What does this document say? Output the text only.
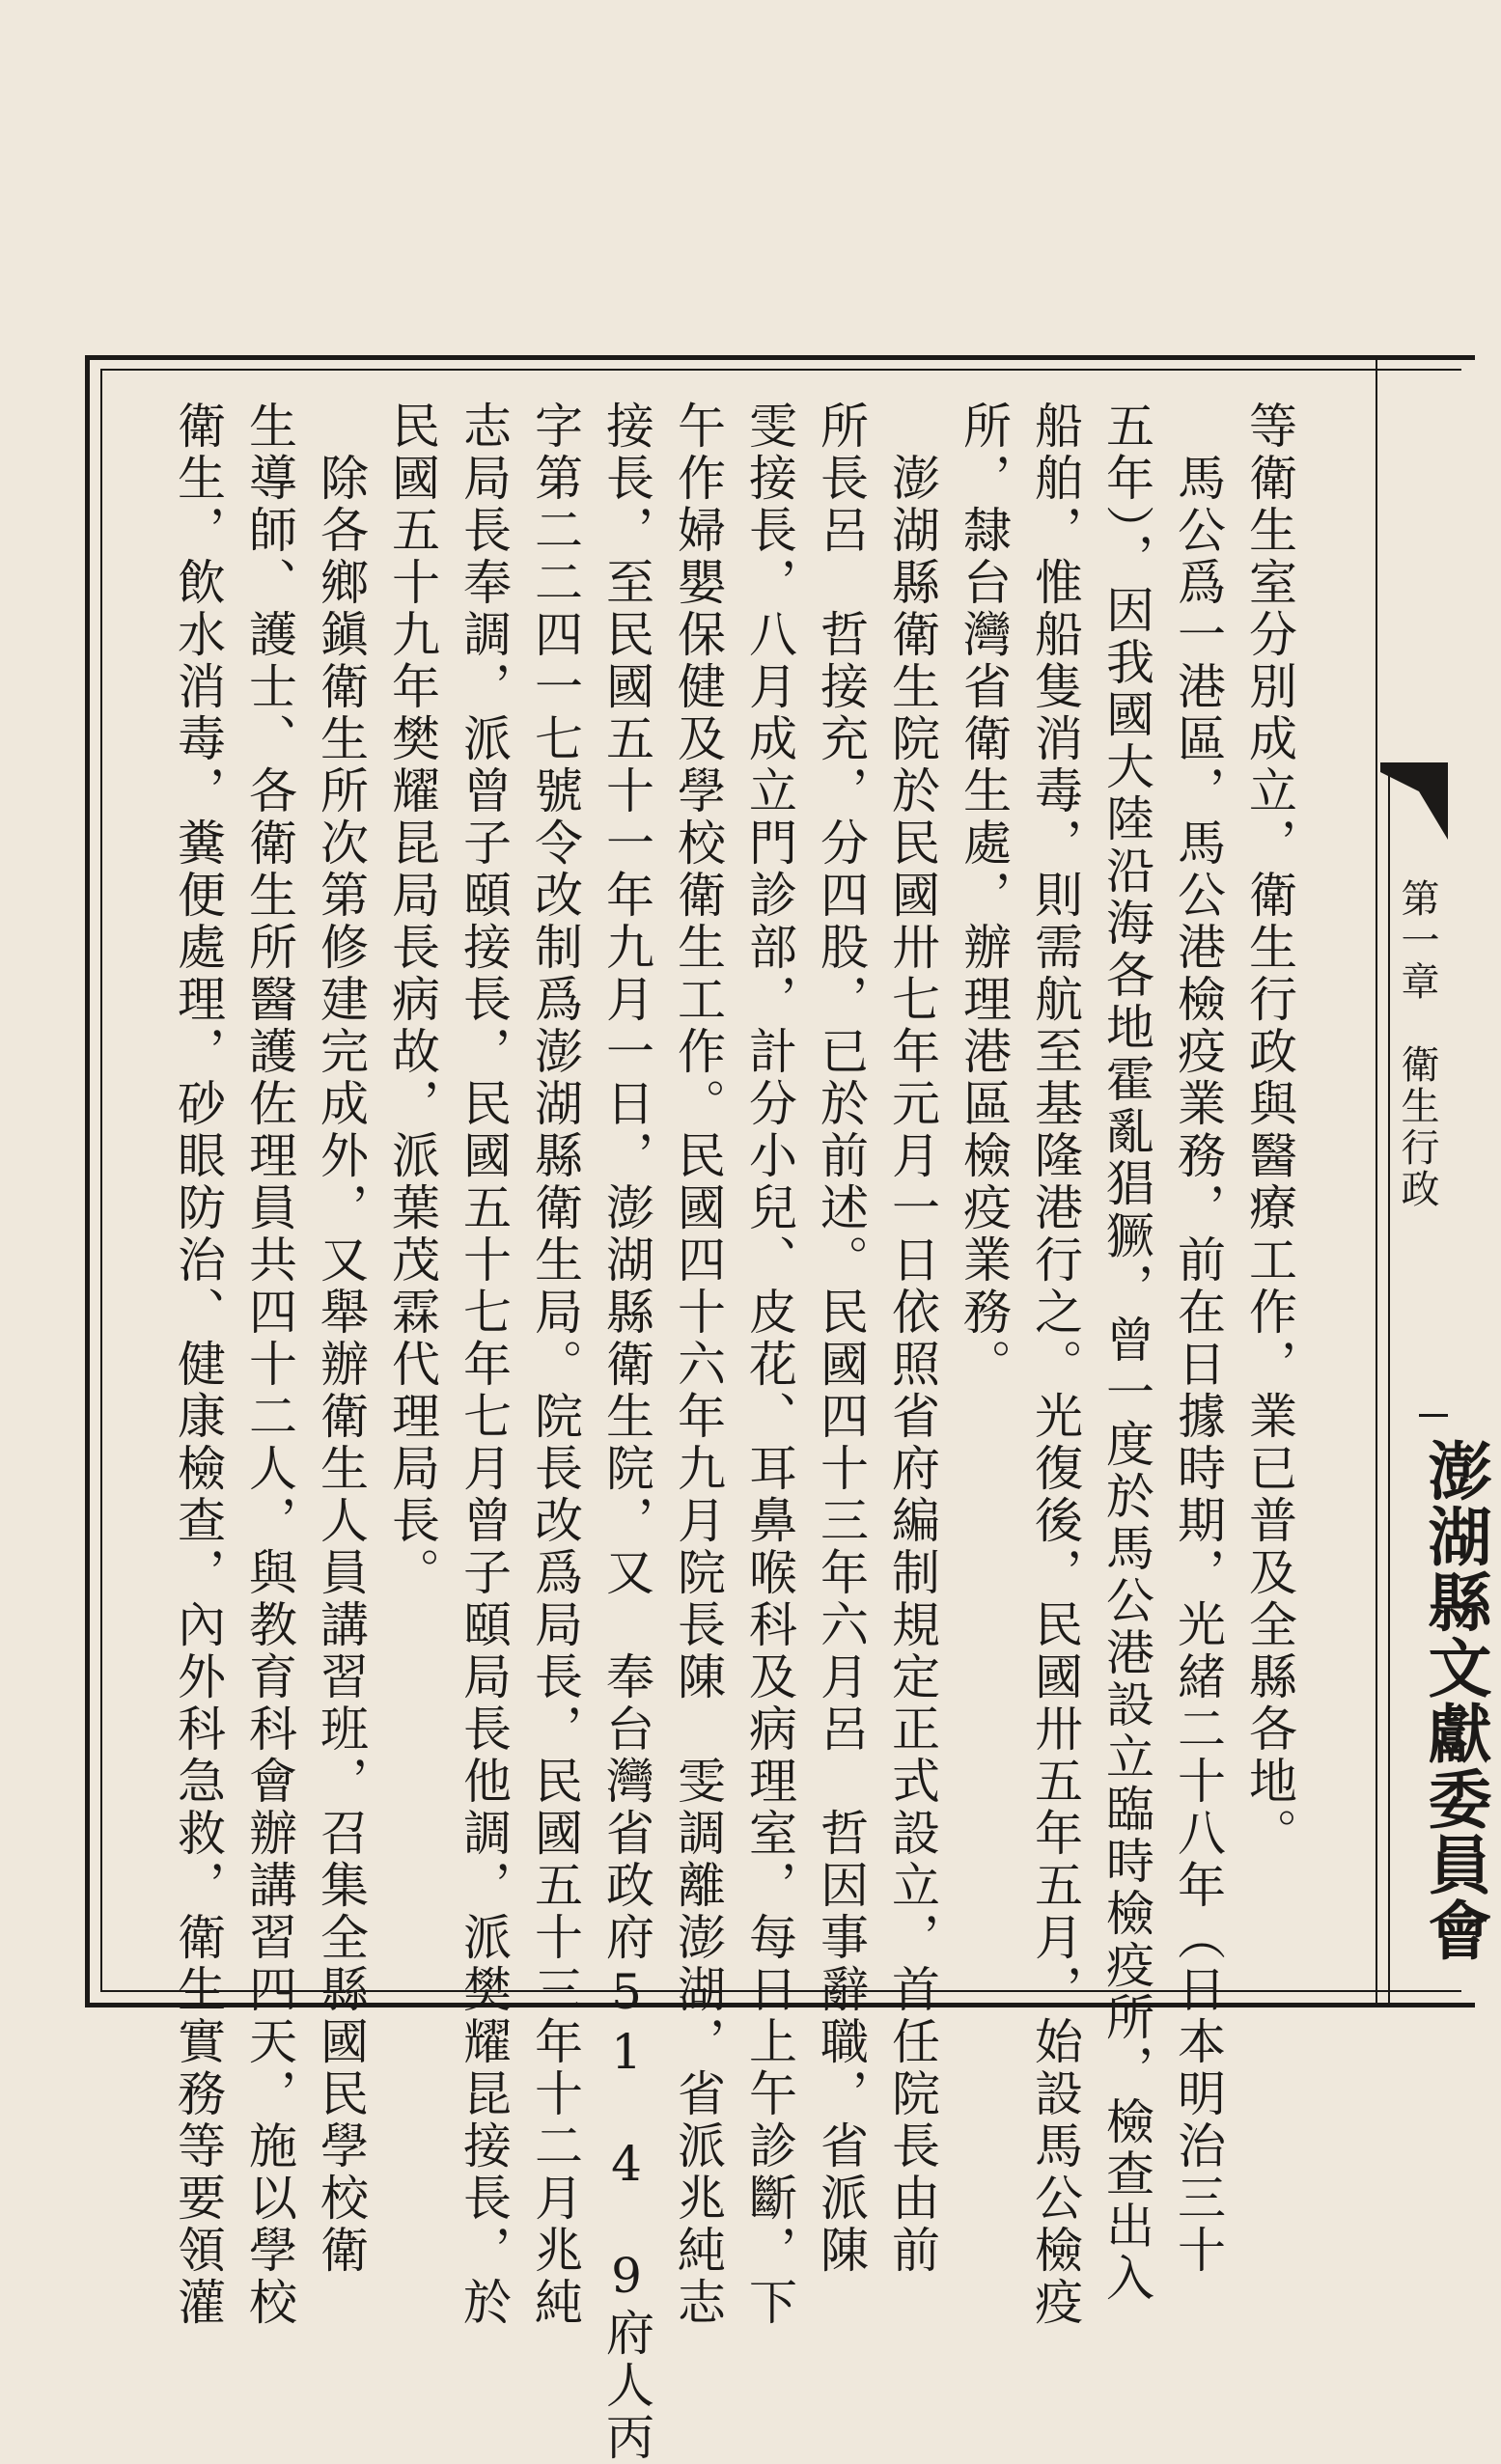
第一章　衛生行政
澎湖縣文獻委員會
等衛生室分別成立，衛生行政與醫療工作，業已普及全縣各地。
　馬公爲一港區，馬公港檢疫業務，前在日據時期，光緒二十八年（日本明治三十
五年），因我國大陸沿海各地霍亂猖獗，曾一度於馬公港設立臨時檢疫所，檢查出入
船舶，惟船隻消毒，則需航至基隆港行之。光復後，民國卅五年五月，始設馬公檢疫
所，隸台灣省衛生處，辦理港區檢疫業務。
　澎湖縣衛生院於民國卅七年元月一日依照省府編制規定正式設立，首任院長由前
所長呂　哲接充，分四股，已於前述。民國四十三年六月呂　哲因事辭職，省派陳
雯接長，八月成立門診部，計分小兒、皮花、耳鼻喉科及病理室，每日上午診斷，下
午作婦嬰保健及學校衛生工作。民國四十六年九月院長陳　雯調離澎湖，省派兆純志
接長，至民國五十一年九月一日，澎湖縣衛生院，又　奉台灣省政府51　4　9府人丙
字第二二四一七號令改制爲澎湖縣衛生局。院長改爲局長，民國五十三年十二月兆純
志局長奉調，派曾子頤接長，民國五十七年七月曾子頤局長他調，派樊耀昆接長，於
民國五十九年樊耀昆局長病故，派葉茂霖代理局長。
　除各鄉鎭衛生所次第修建完成外，又舉辦衛生人員講習班，召集全縣國民學校衛
生導師、護士、各衛生所醫護佐理員共四十二人，與教育科會辦講習四天，施以學校
衛生，飲水消毒，糞便處理，砂眼防治、健康檢查，內外科急救，衛生實務等要領灌
